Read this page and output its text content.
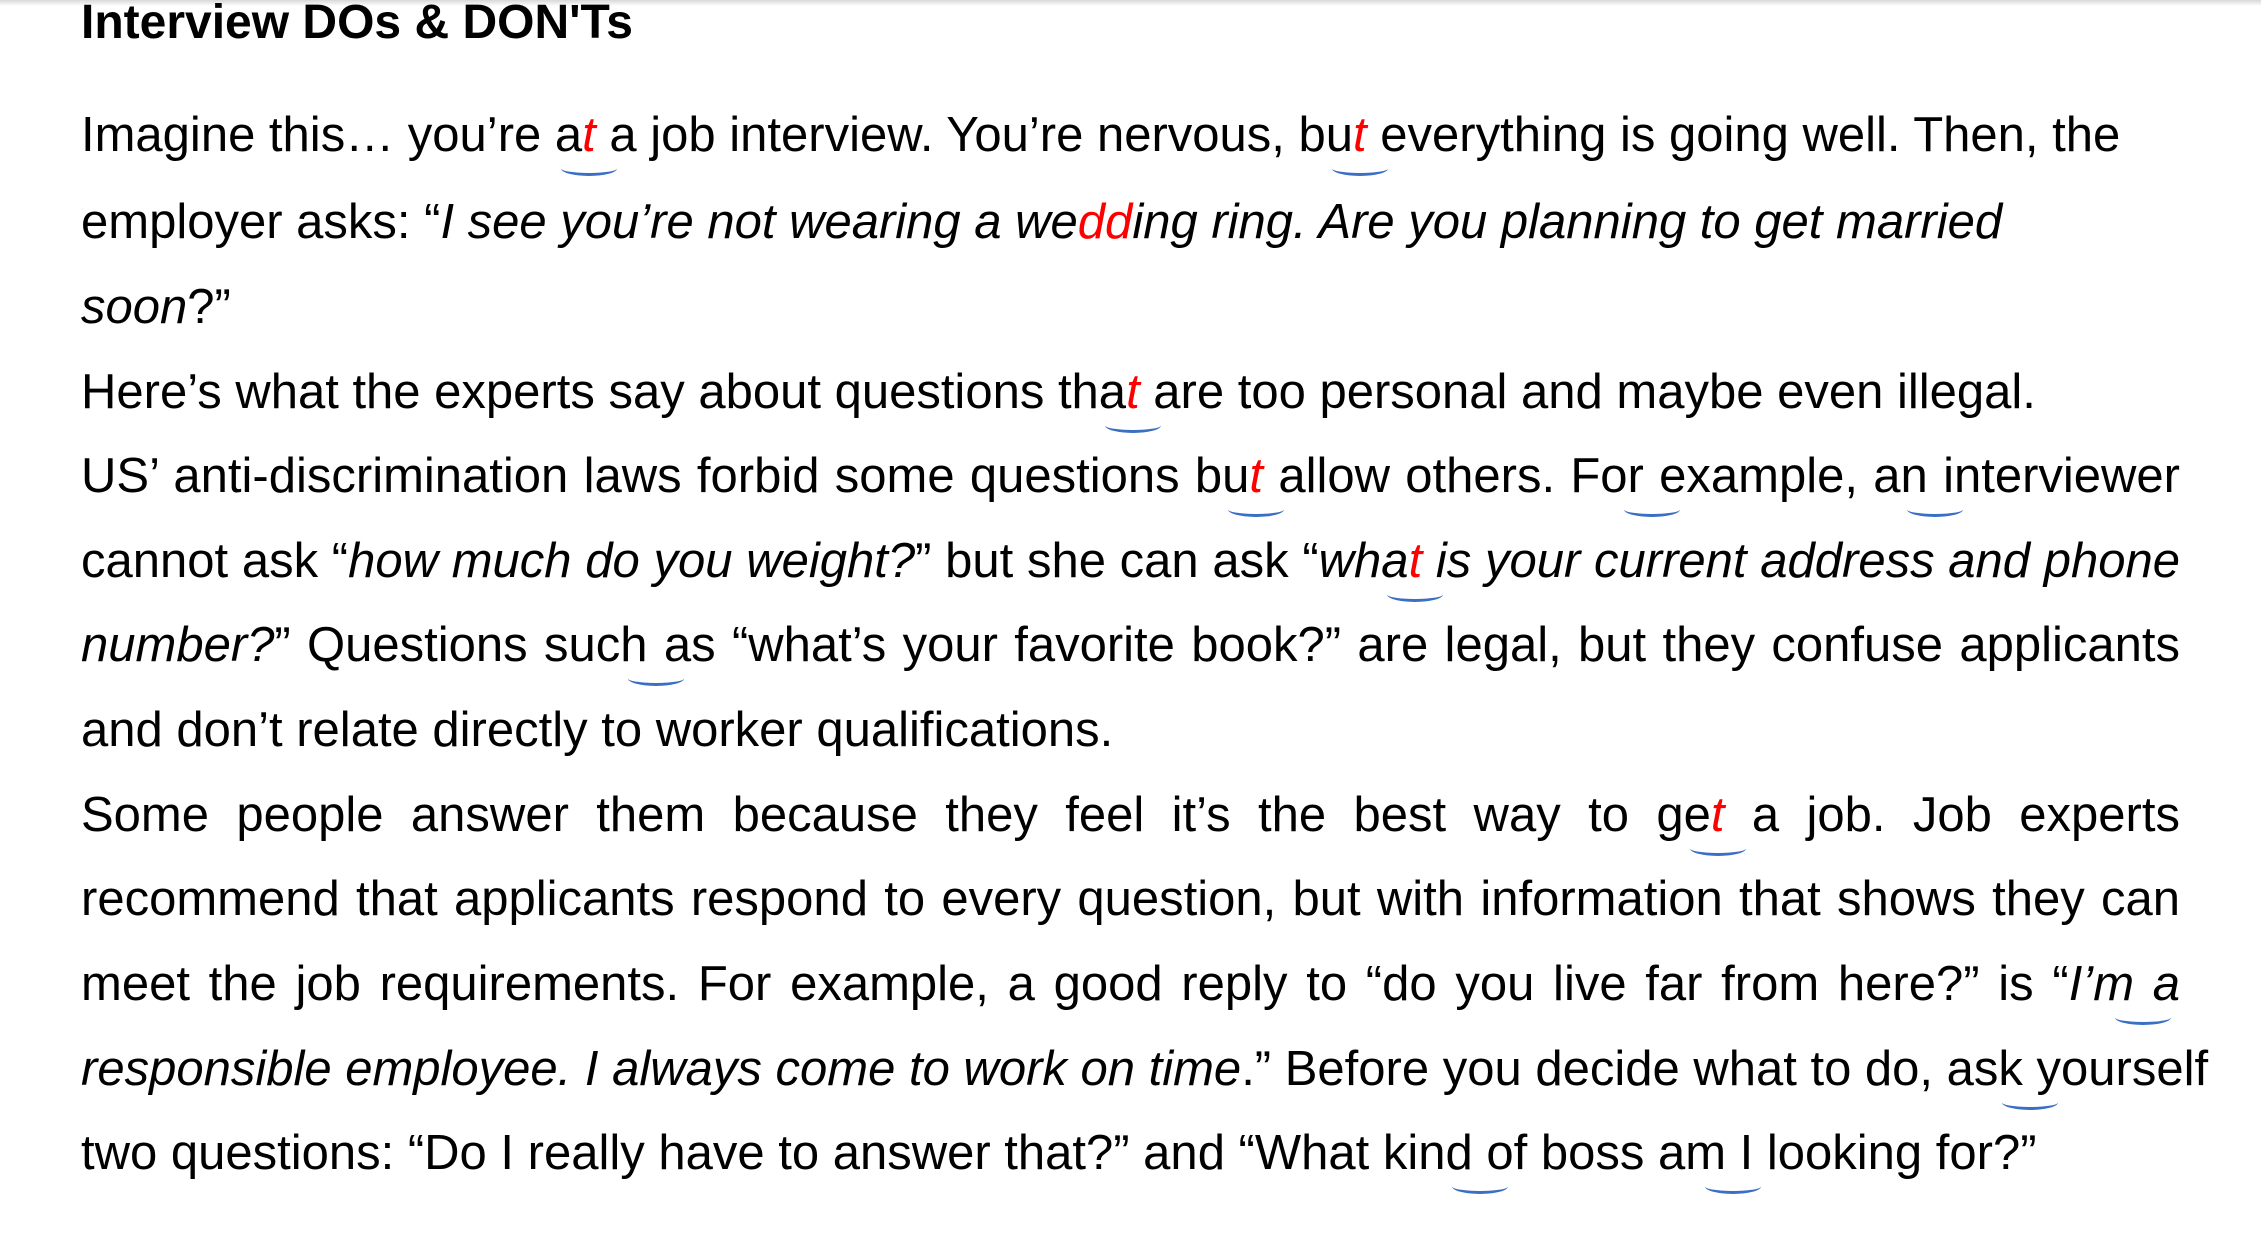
Interview DOs & DON'Ts
Imagine this… you’re at a job interview. You’re nervous, but everything is going well. Then, the
employer asks: “I see you’re not wearing a wedding ring. Are you planning to get married
soon?”
Here’s what the experts say about questions that are too personal and maybe even illegal.
US’ anti-discrimination laws forbid some questions but allow others. For example, an interviewer
cannot ask “how much do you weight?” but she can ask “what is your current address and phone
number?” Questions such as “what’s your favorite book?” are legal, but they confuse applicants
and don’t relate directly to worker qualifications.
Some people answer them because they feel it’s the best way to get a job. Job experts
recommend that applicants respond to every question, but with information that shows they can
meet the job requirements. For example, a good reply to “do you live far from here?” is “I’m a
responsible employee. I always come to work on time.” Before you decide what to do, ask yourself
two questions: “Do I really have to answer that?” and “What kind of boss am I looking for?”
